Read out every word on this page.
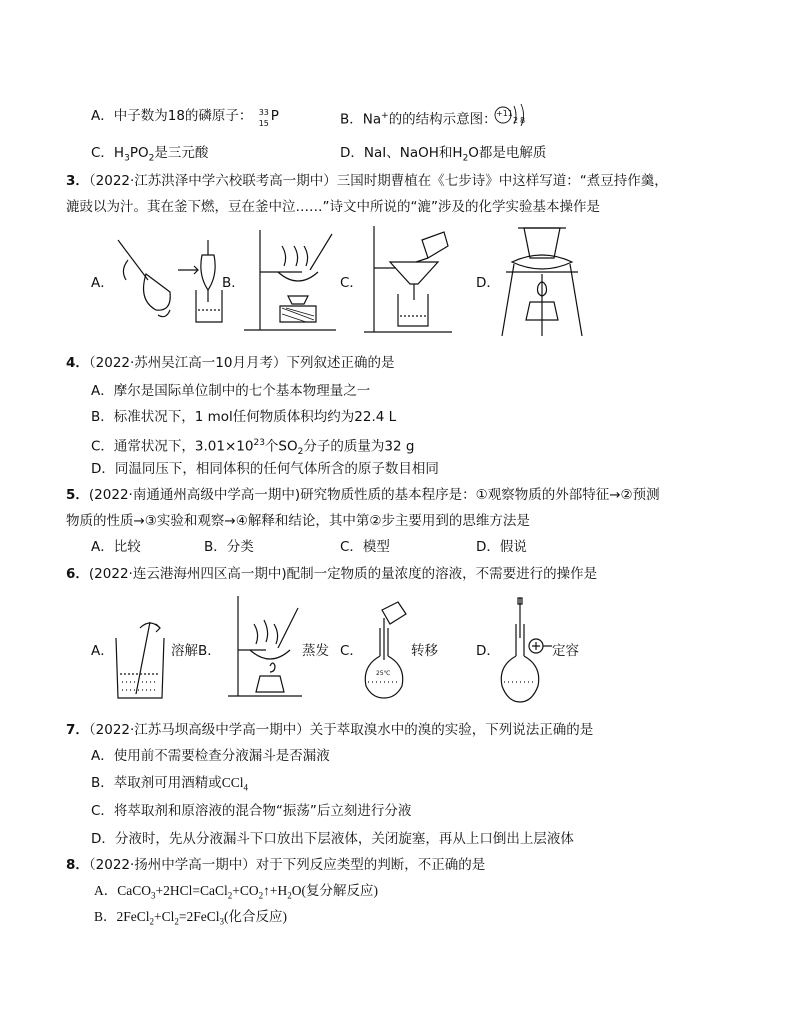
A．中子数为18的磷原子： 33
15 P	B．Na+的的结构示意图： +11
2 8
C．$H_3PO_2$是三元酸	D．NaI、NaOH和$H_2O$都是电解质
3．（2022·江苏洪泽中学六校联考高一期中）三国时期曹植在《七步诗》中这样写道：“煮豆持作羹，
漉豉以为汁。萁在釜下燃，豆在釜中泣……”诗文中所说的“漉”涉及的化学实验基本操作是
A．	B．	C．	D．
4．（2022·苏州吴江高一10月月考）下列叙述正确的是
A．摩尔是国际单位制中的七个基本物理量之一
B．标准状况下，1 mol任何物质体积均约为22.4 L
C．通常状况下，$3.01\times 10^{23}$个$SO_2$分子的质量为32 g
D．同温同压下，相同体积的任何气体所含的原子数目相同
5．(2022·南通通州高级中学高一期中)研究物质性质的基本程序是：①观察物质的外部特征→②预测
物质的性质→③实验和观察→④解释和结论，其中第②步主要用到的思维方法是
A．比较	B．分类	C．模型	D．假说
6．(2022·连云港海州四区高一期中)配制一定物质的量浓度的溶液，不需要进行的操作是
A．	溶解B．	蒸发 C．
25℃
转移	D．	定容
7．（2022·江苏马坝高级中学高一期中）关于萃取溴水中的溴的实验，下列说法正确的是
A．使用前不需要检查分液漏斗是否漏液
B．萃取剂可用酒精或CCl$_4$
C．将萃取剂和原溶液的混合物“振荡”后立刻进行分液
D．分液时，先从分液漏斗下口放出下层液体，关闭旋塞，再从上口倒出上层液体
8．（2022·扬州中学高一期中）对于下列反应类型的判断，不正确的是
A．$CaCO_3+2HCl=CaCl_2+CO_2↑+H_2O$(复分解反应)
B．$2FeCl_2+Cl_2=2FeCl_3$(化合反应)
